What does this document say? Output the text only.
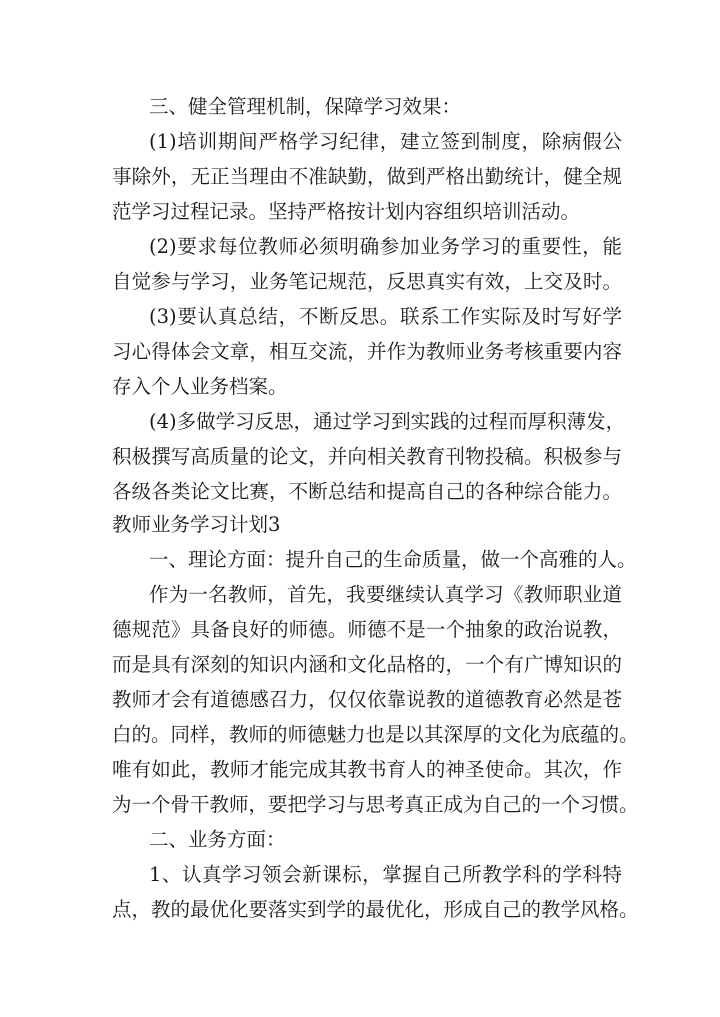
三、健全管理机制，保障学习效果：
(1)培训期间严格学习纪律，建立签到制度，除病假公
事除外，无正当理由不准缺勤，做到严格出勤统计，健全规
范学习过程记录。坚持严格按计划内容组织培训活动。
(2)要求每位教师必须明确参加业务学习的重要性，能
自觉参与学习，业务笔记规范，反思真实有效，上交及时。
(3)要认真总结，不断反思。联系工作实际及时写好学
习心得体会文章，相互交流，并作为教师业务考核重要内容
存入个人业务档案。
(4)多做学习反思，通过学习到实践的过程而厚积薄发，
积极撰写高质量的论文，并向相关教育刊物投稿。积极参与
各级各类论文比赛，不断总结和提高自己的各种综合能力。
教师业务学习计划3
一、理论方面：提升自己的生命质量，做一个高雅的人。
作为一名教师，首先，我要继续认真学习《教师职业道
德规范》具备良好的师德。师德不是一个抽象的政治说教，
而是具有深刻的知识内涵和文化品格的，一个有广博知识的
教师才会有道德感召力，仅仅依靠说教的道德教育必然是苍
白的。同样，教师的师德魅力也是以其深厚的文化为底蕴的。
唯有如此，教师才能完成其教书育人的神圣使命。其次，作
为一个骨干教师，要把学习与思考真正成为自己的一个习惯。
二、业务方面：
1、认真学习领会新课标，掌握自己所教学科的学科特
点，教的最优化要落实到学的最优化，形成自己的教学风格。
